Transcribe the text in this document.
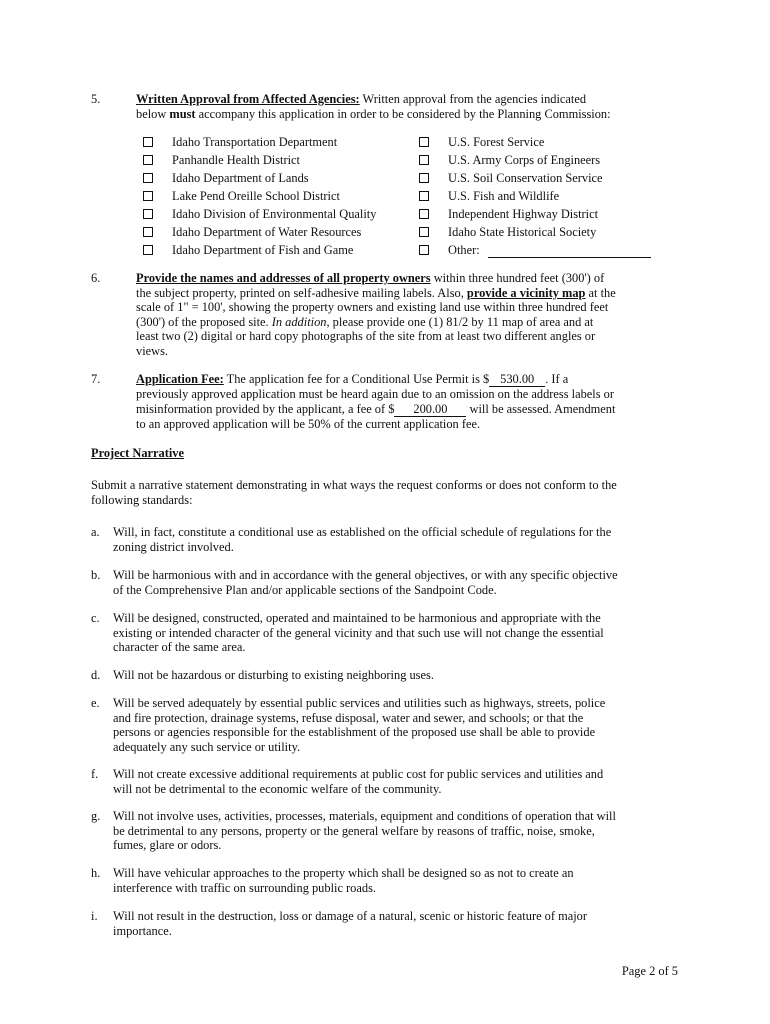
5.	Written Approval from Affected Agencies: Written approval from the agencies indicated
below must accompany this application in order to be considered by the Planning Commission:
Idaho Transportation Department
Panhandle Health District
Idaho Department of Lands
Lake Pend Oreille School District
Idaho Division of Environmental Quality
Idaho Department of Water Resources
Idaho Department of Fish and Game
U.S. Forest Service
U.S. Army Corps of Engineers
U.S. Soil Conservation Service
U.S. Fish and Wildlife
Independent Highway District
Idaho State Historical Society
Other:
6.	Provide the names and addresses of all property owners within three hundred feet (300') of
the subject property, printed on self-adhesive mailing labels. Also, provide a vicinity map at the
scale of 1" = 100', showing the property owners and existing land use within three hundred feet
(300') of the proposed site. In addition, please provide one (1) 81/2 by 11 map of area and at
least two (2) digital or hard copy photographs of the site from at least two different angles or
views.
7.	Application Fee: The application fee for a Conditional Use Permit is $ 530.00 . If a
previously approved application must be heard again due to an omission on the address labels or
misinformation provided by the applicant, a fee of $ 200.00 will be assessed. Amendment
to an approved application will be 50% of the current application fee.
Project Narrative
Submit a narrative statement demonstrating in what ways the request conforms or does not conform to the
following standards:
a. Will, in fact, constitute a conditional use as established on the official schedule of regulations for the
zoning district involved.
b. Will be harmonious with and in accordance with the general objectives, or with any specific objective
of the Comprehensive Plan and/or applicable sections of the Sandpoint Code.
c. Will be designed, constructed, operated and maintained to be harmonious and appropriate with the
existing or intended character of the general vicinity and that such use will not change the essential
character of the same area.
d. Will not be hazardous or disturbing to existing neighboring uses.
e. Will be served adequately by essential public services and utilities such as highways, streets, police
and fire protection, drainage systems, refuse disposal, water and sewer, and schools; or that the
persons or agencies responsible for the establishment of the proposed use shall be able to provide
adequately any such service or utility.
f. Will not create excessive additional requirements at public cost for public services and utilities and
will not be detrimental to the economic welfare of the community.
g. Will not involve uses, activities, processes, materials, equipment and conditions of operation that will
be detrimental to any persons, property or the general welfare by reasons of traffic, noise, smoke,
fumes, glare or odors.
h. Will have vehicular approaches to the property which shall be designed so as not to create an
interference with traffic on surrounding public roads.
i. Will not result in the destruction, loss or damage of a natural, scenic or historic feature of major
importance.
Page 2 of 5
